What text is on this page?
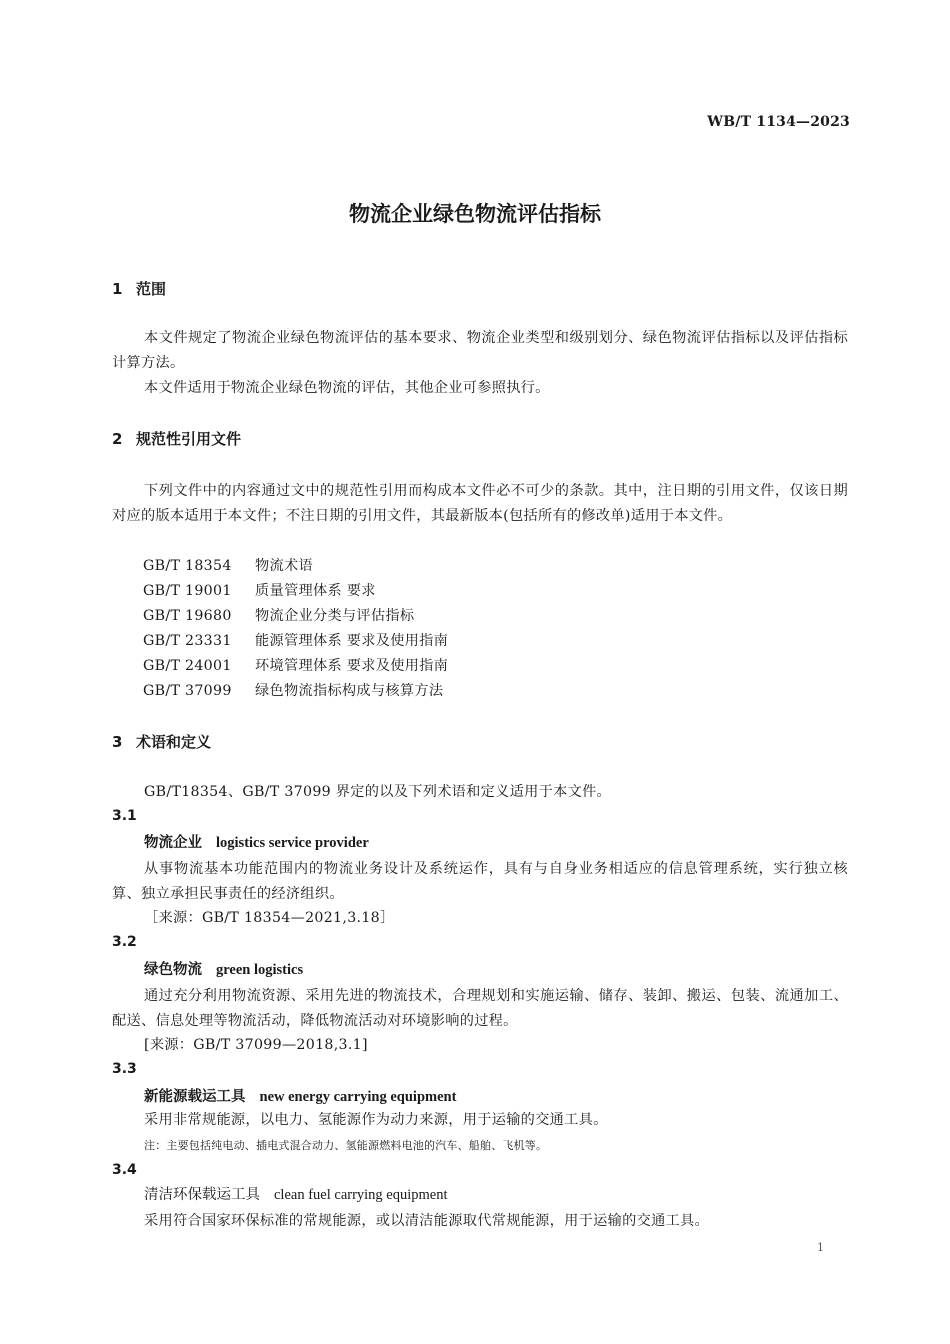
WB/T 1134—2023
物流企业绿色物流评估指标
1 范围
本文件规定了物流企业绿色物流评估的基本要求、物流企业类型和级别划分、绿色物流评估指标以及评估指标计算方法。
本文件适用于物流企业绿色物流的评估，其他企业可参照执行。
2 规范性引用文件
下列文件中的内容通过文中的规范性引用而构成本文件必不可少的条款。其中，注日期的引用文件，仅该日期对应的版本适用于本文件；不注日期的引用文件，其最新版本(包括所有的修改单)适用于本文件。
GB/T 18354 物流术语
GB/T 19001 质量管理体系 要求
GB/T 19680 物流企业分类与评估指标
GB/T 23331 能源管理体系 要求及使用指南
GB/T 24001 环境管理体系 要求及使用指南
GB/T 37099 绿色物流指标构成与核算方法
3 术语和定义
GB/T18354、GB/T 37099 界定的以及下列术语和定义适用于本文件。
3.1
物流企业 logistics service provider
从事物流基本功能范围内的物流业务设计及系统运作，具有与自身业务相适应的信息管理系统，实行独立核算、独立承担民事责任的经济组织。
［来源：GB/T 18354—2021,3.18］
3.2
绿色物流 green logistics
通过充分利用物流资源、采用先进的物流技术，合理规划和实施运输、储存、装卸、搬运、包装、流通加工、配送、信息处理等物流活动，降低物流活动对环境影响的过程。
[来源：GB/T 37099—2018,3.1]
3.3
新能源载运工具 new energy carrying equipment
采用非常规能源，以电力、氢能源作为动力来源，用于运输的交通工具。
注：主要包括纯电动、插电式混合动力、氢能源燃料电池的汽车、船舶、飞机等。
3.4
清洁环保载运工具 clean fuel carrying equipment
采用符合国家环保标准的常规能源，或以清洁能源取代常规能源，用于运输的交通工具。
1
